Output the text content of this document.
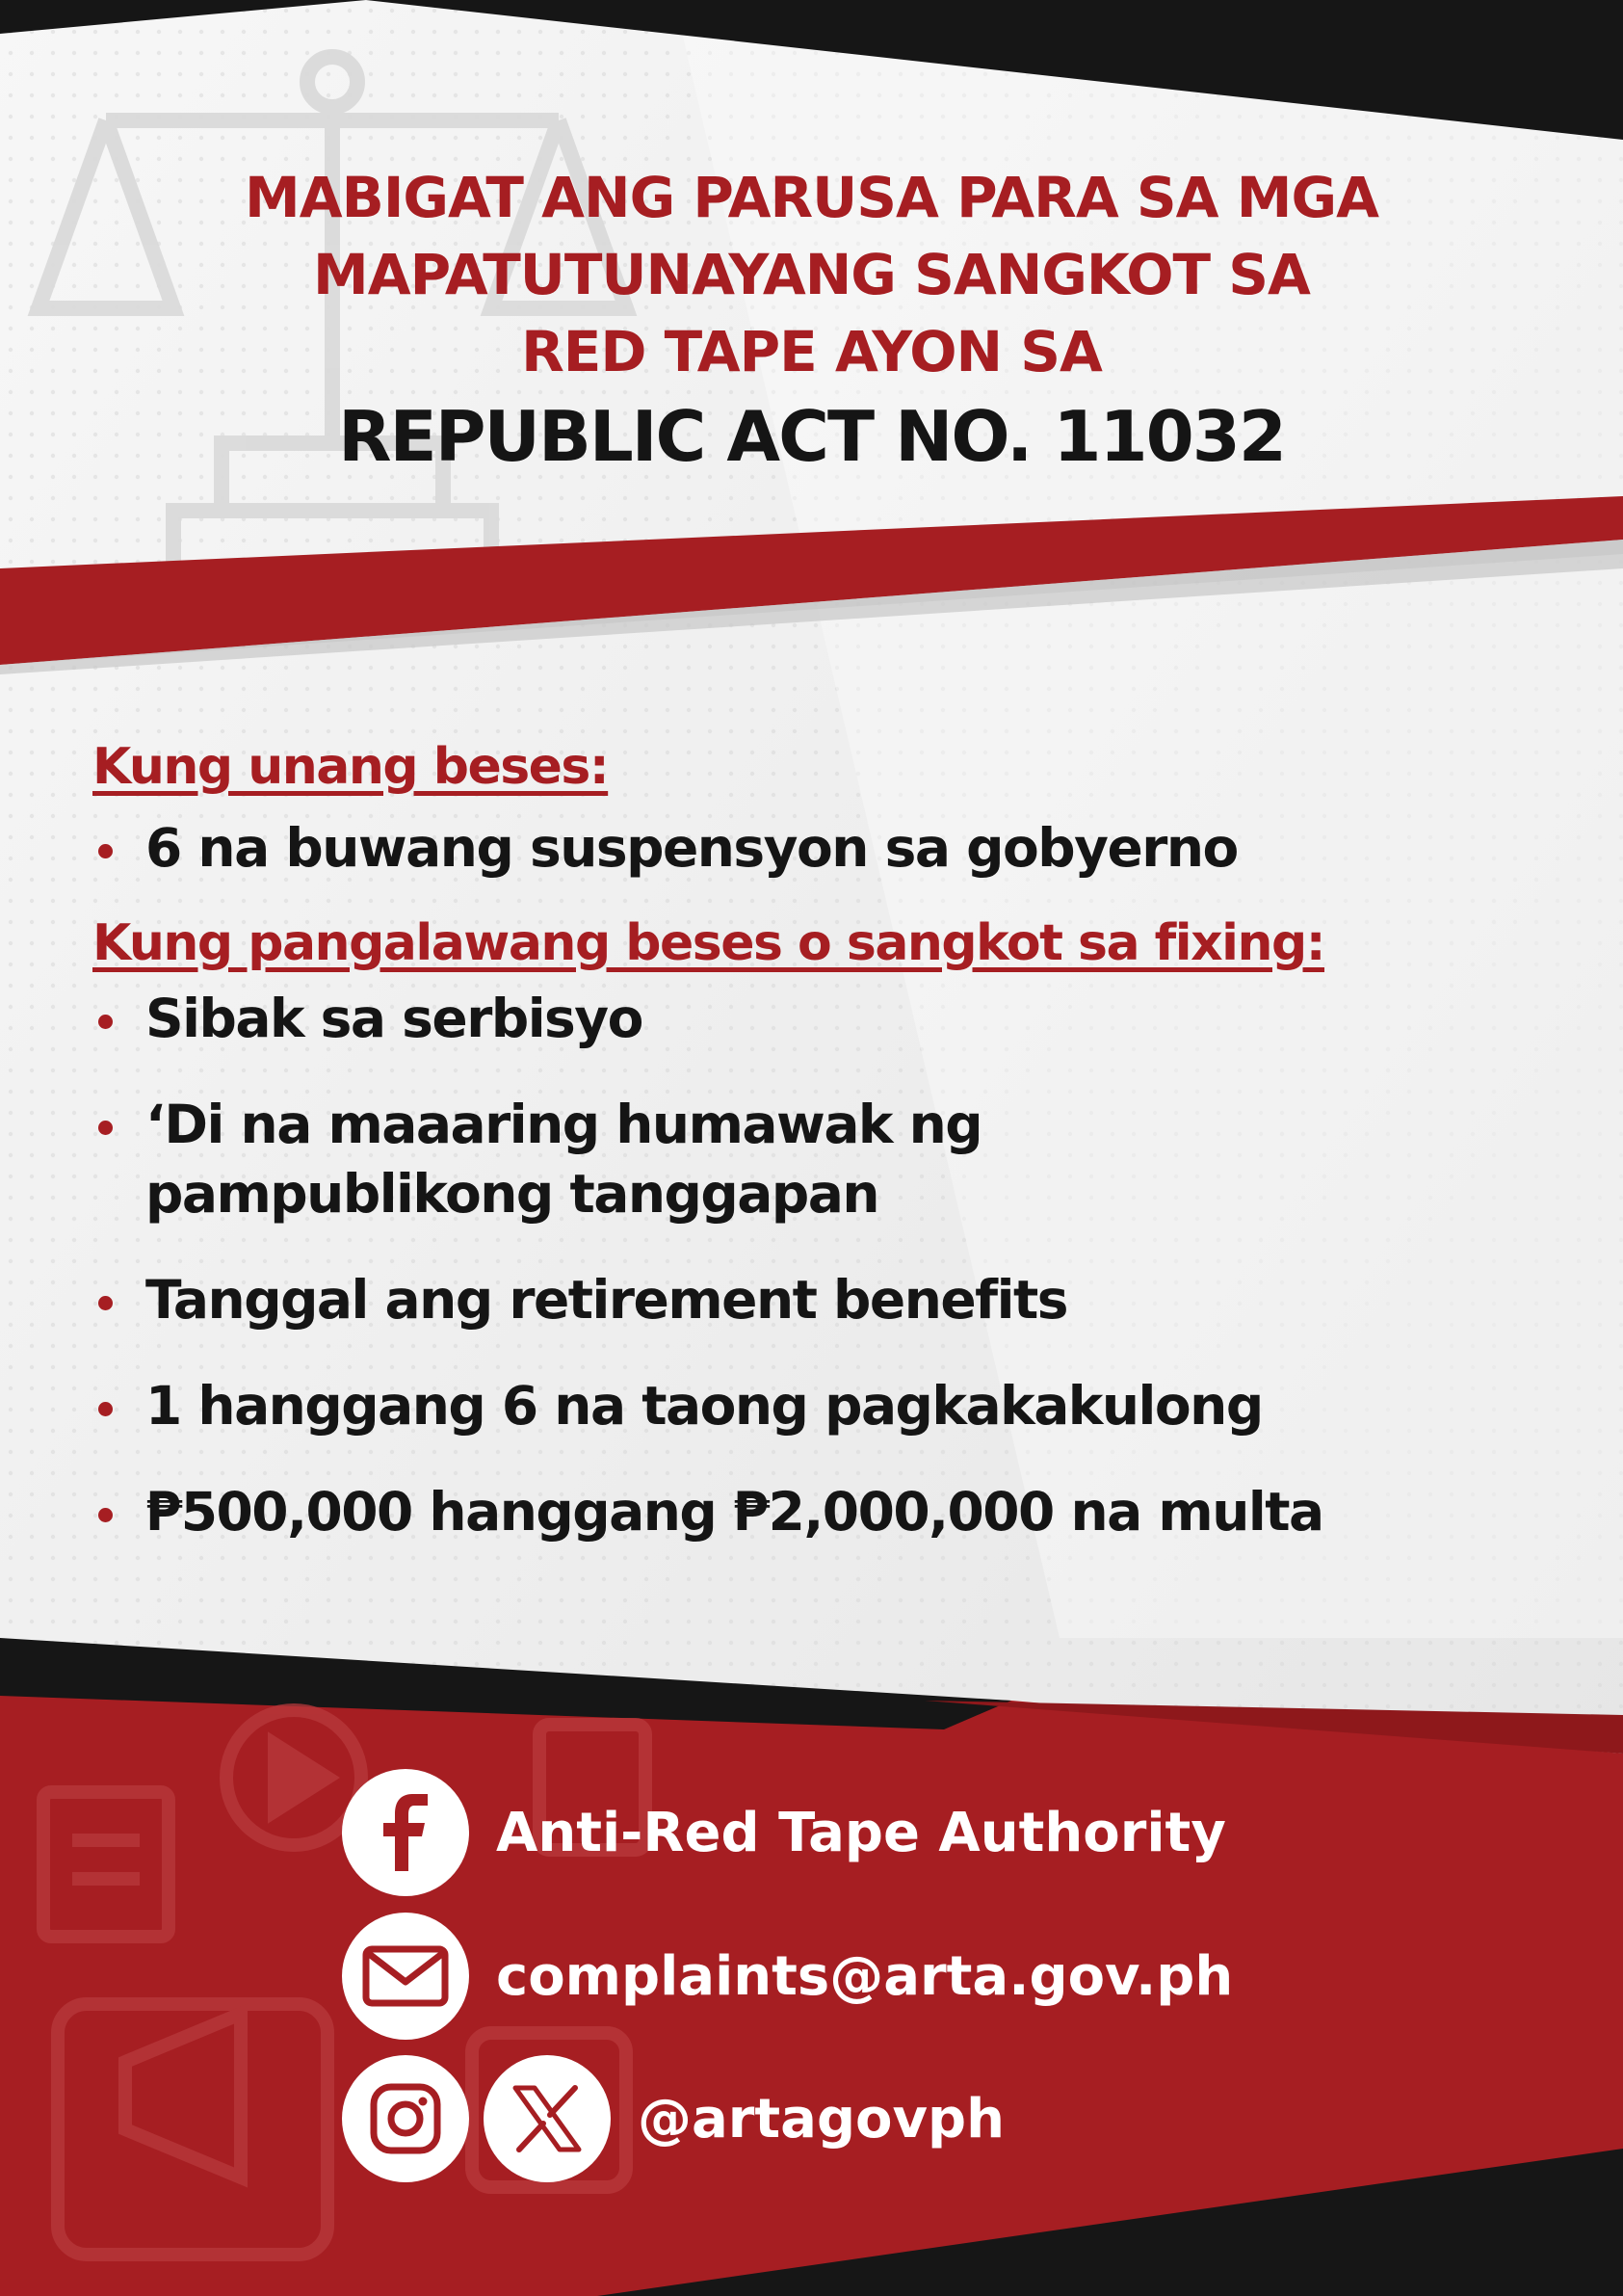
MABIGAT ANG PARUSA PARA SA MGA
MAPATUTUNAYANG SANGKOT SA
RED TAPE AYON SA
REPUBLIC ACT NO. 11032
Kung unang beses:
6 na buwang suspensyon sa gobyerno
Kung pangalawang beses o sangkot sa fixing:
Sibak sa serbisyo
‘Di na maaaring humawak ng
pampublikong tanggapan
Tanggal ang retirement benefits
1 hanggang 6 na taong pagkakakulong
₱500,000 hanggang ₱2,000,000 na multa
Anti-Red Tape Authority
complaints@arta.gov.ph
@artagovph
